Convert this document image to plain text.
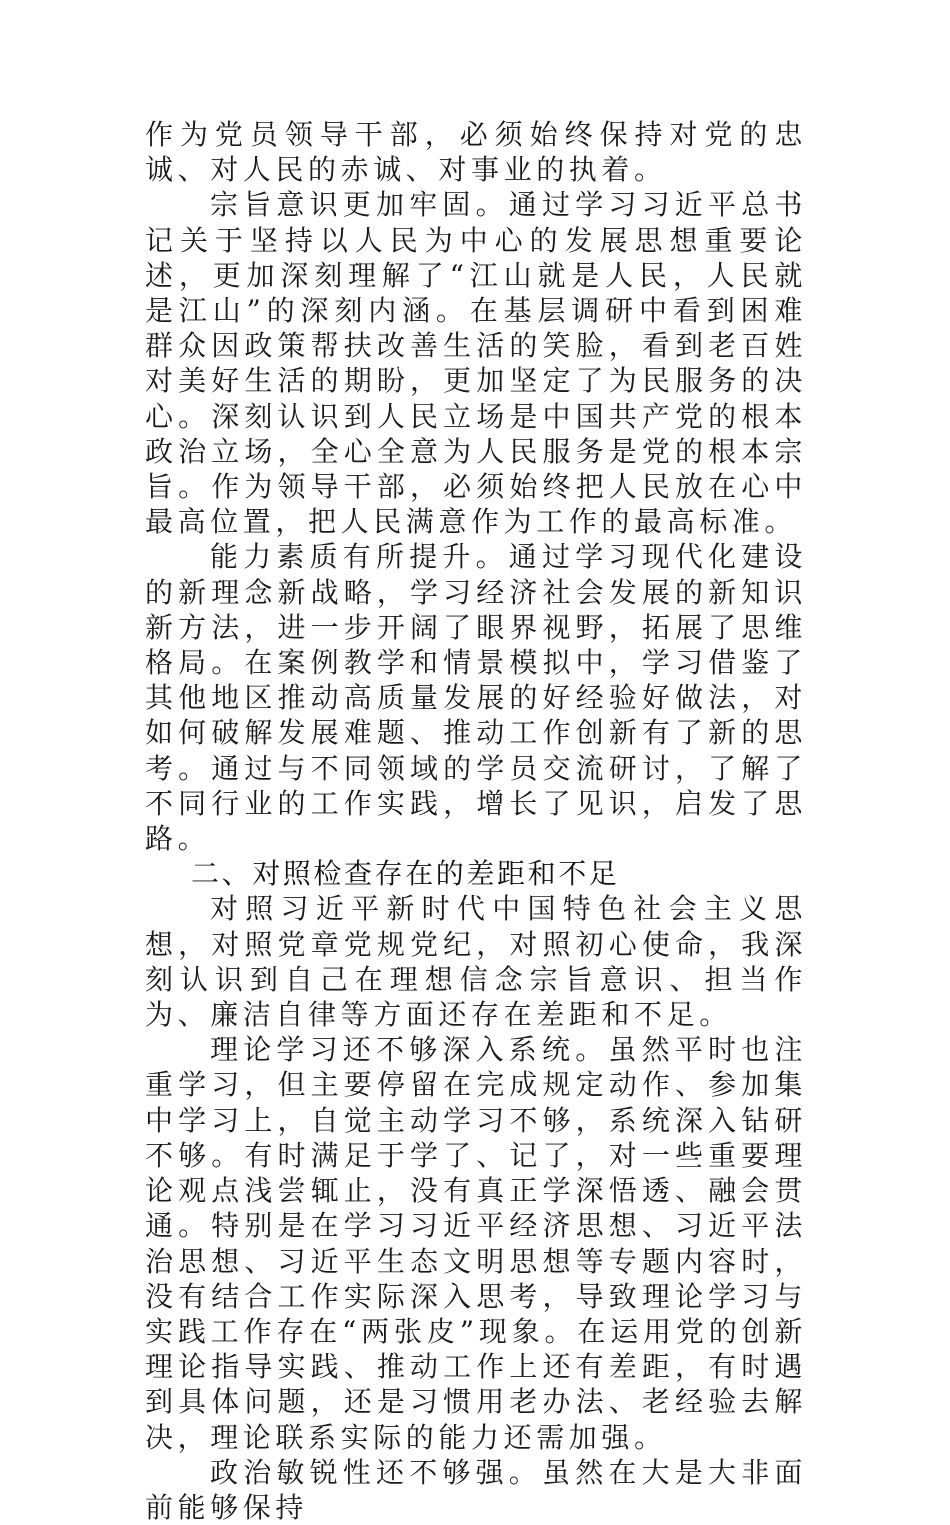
作为党员领导干部，必须始终保持对党的忠诚、对人民的赤诚、对事业的执着。

宗旨意识更加牢固。通过学习习近平总书记关于坚持以人民为中心的发展思想重要论述，更加深刻理解了“江山就是人民，人民就是江山”的深刻内涵。在基层调研中看到困难群众因政策帮扶改善生活的笑脸，看到老百姓对美好生活的期盼，更加坚定了为民服务的决心。深刻认识到人民立场是中国共产党的根本政治立场，全心全意为人民服务是党的根本宗旨。作为领导干部，必须始终把人民放在心中最高位置，把人民满意作为工作的最高标准。

能力素质有所提升。通过学习现代化建设的新理念新战略，学习经济社会发展的新知识新方法，进一步开阔了眼界视野，拓展了思维格局。在案例教学和情景模拟中，学习借鉴了其他地区推动高质量发展的好经验好做法，对如何破解发展难题、推动工作创新有了新的思考。通过与不同领域的学员交流研讨，了解了不同行业的工作实践，增长了见识，启发了思路。

二、对照检查存在的差距和不足

对照习近平新时代中国特色社会主义思想，对照党章党规党纪，对照初心使命，我深刻认识到自己在理想信念宗旨意识、担当作为、廉洁自律等方面还存在差距和不足。

理论学习还不够深入系统。虽然平时也注重学习，但主要停留在完成规定动作、参加集中学习上，自觉主动学习不够，系统深入钻研不够。有时满足于学了、记了，对一些重要理论观点浅尝辄止，没有真正学深悟透、融会贯通。特别是在学习习近平经济思想、习近平法治思想、习近平生态文明思想等专题内容时，没有结合工作实际深入思考，导致理论学习与实践工作存在“两张皮”现象。在运用党的创新理论指导实践、推动工作上还有差距，有时遇到具体问题，还是习惯用老办法、老经验去解决，理论联系实际的能力还需加强。

政治敏锐性还不够强。虽然在大是大非面前能够保持
